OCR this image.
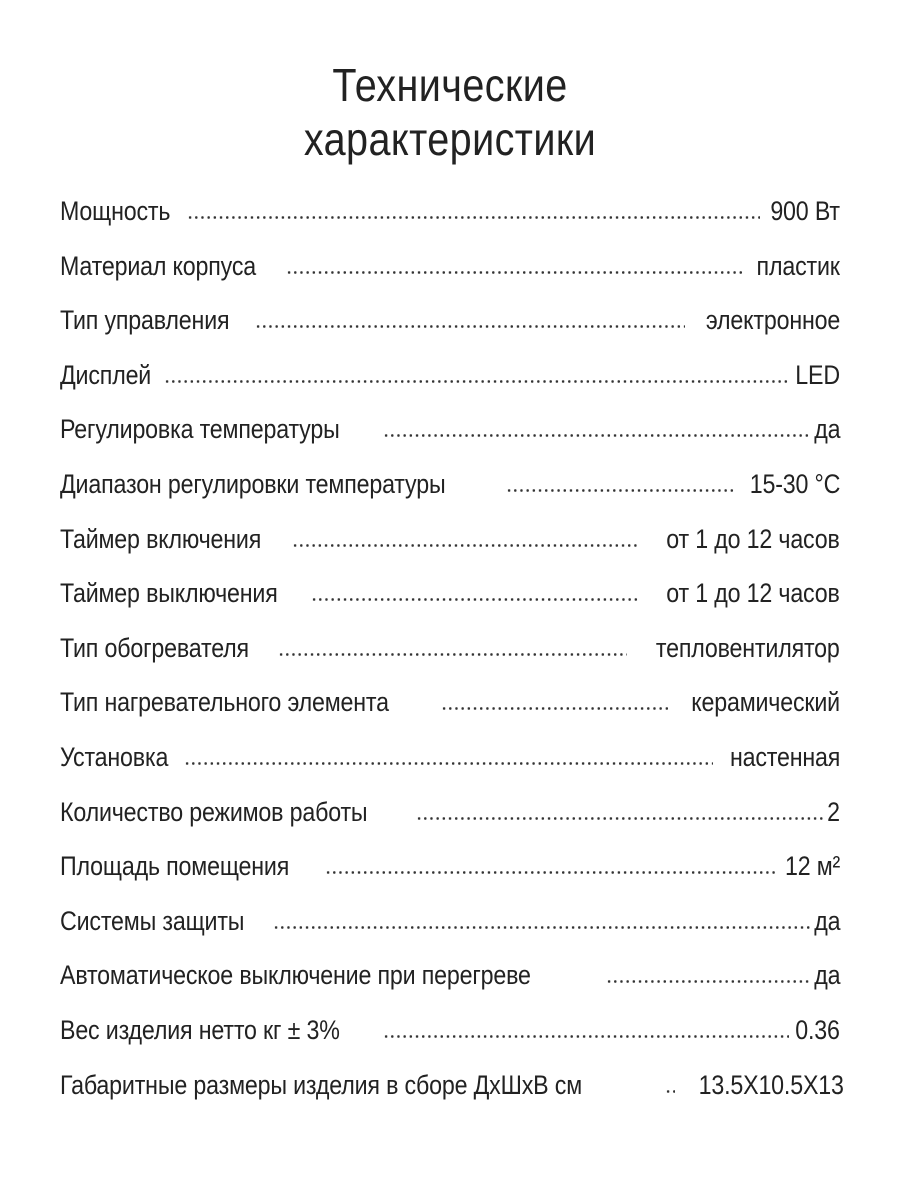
Технические
характеристики
Мощность	900 Вт
Материал корпуса	пластик
Тип управления	электронное
Дисплей	LED
Регулировка температуры	да
Диапазон регулировки температуры	15-30 °C
Таймер включения	от 1 до 12 часов
Таймер выключения	от 1 до 12 часов
Тип обогревателя	тепловентилятор
Тип нагревательного элемента	керамический
Установка	настенная
Количество режимов работы	2
Площадь помещения	12 м²
Системы защиты	да
Автоматическое выключение при перегреве	да
Вес изделия нетто кг ± 3%	0.36
Габаритные размеры изделия в сборе ДхШхВ см	13.5X10.5X13
